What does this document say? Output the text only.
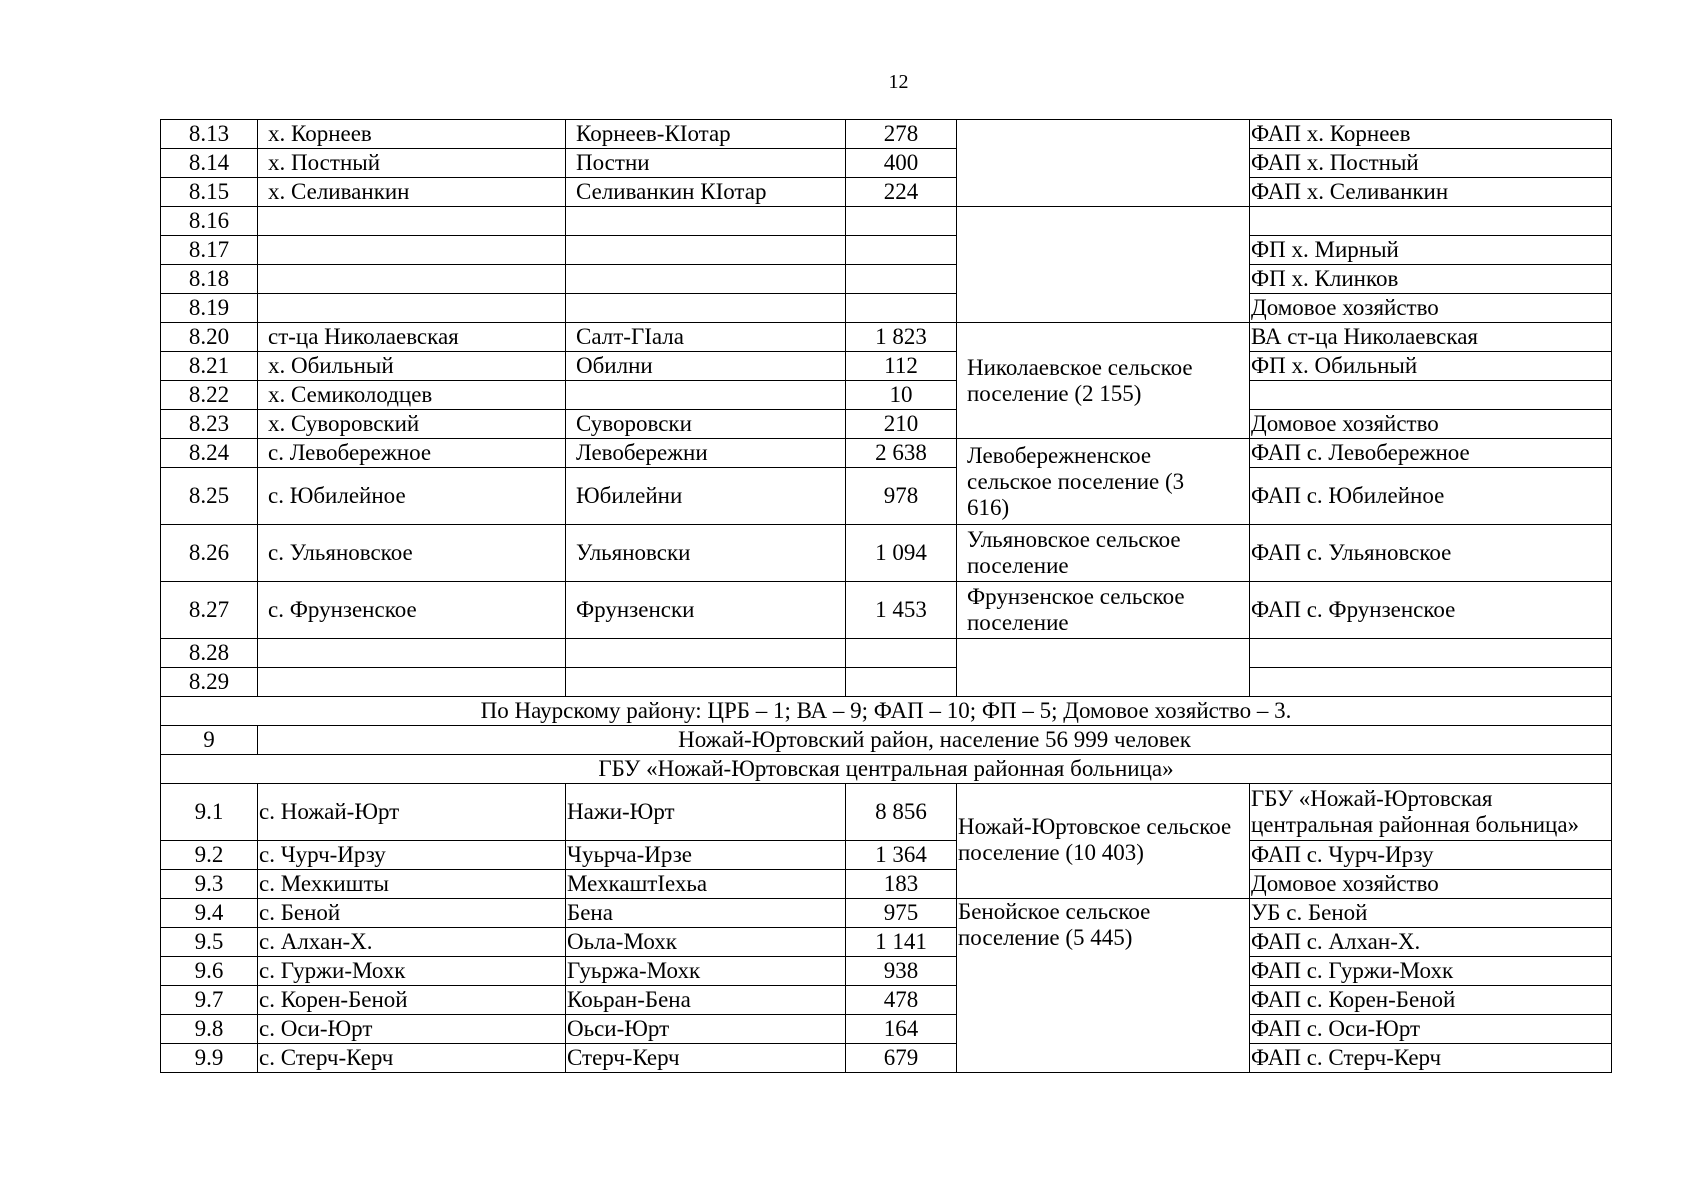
12
8.13	х. Корнеев	Корнеев-КIотар	278		ФАП х. Корнеев
8.14	х. Постный	Постни	400		ФАП х. Постный
8.15	х. Селиванкин	Селиванкин КIотар	224		ФАП х. Селиванкин
8.16					
8.17					ФП х. Мирный
8.18					ФП х. Клинков
8.19					Домовое хозяйство
8.20	ст-ца Николаевская	Салт-ГIала	1 823	Николаевское сельское поселение (2 155)	ВА ст-ца Николаевская
8.21	х. Обильный	Обилни	112		ФП х. Обильный
8.22	х. Семиколодцев		10		
8.23	х. Суворовский	Суворовски	210		Домовое хозяйство
8.24	с. Левобережное	Левобережни	2 638	Левобережненское сельское поселение (3 616)	ФАП с. Левобережное
8.25	с. Юбилейное	Юбилейни	978		ФАП с. Юбилейное
8.26	с. Ульяновское	Ульяновски	1 094	Ульяновское сельское поселение	ФАП с. Ульяновское
8.27	с. Фрунзенское	Фрунзенски	1 453	Фрунзенское сельское поселение	ФАП с. Фрунзенское
8.28					
8.29					
По Наурскому району: ЦРБ – 1; ВА – 9; ФАП – 10; ФП – 5; Домовое хозяйство – 3.					
9	Ножай-Юртовский район, население 56 999 человек				
ГБУ «Ножай-Юртовская центральная районная больница»					
9.1	с. Ножай-Юрт	Нажи-Юрт	8 856	Ножай-Юртовское сельское поселение (10 403)	ГБУ «Ножай-Юртовская центральная районная больница»
9.2	с. Чурч-Ирзу	Чуьрча-Ирзе	1 364		ФАП с. Чурч-Ирзу
9.3	с. Мехкишты	МехкаштIехьа	183		Домовое хозяйство
9.4	с. Беной	Бена	975	Бенойское сельское поселение (5 445)	УБ с. Беной
9.5	с. Алхан-Х.	Оьла-Мохк	1 141		ФАП с. Алхан-Х.
9.6	с. Гуржи-Мохк	Гуьржа-Мохк	938		ФАП с. Гуржи-Мохк
9.7	с. Корен-Беной	Коьран-Бена	478		ФАП с. Корен-Беной
9.8	с. Оси-Юрт	Оьси-Юрт	164		ФАП с. Оси-Юрт
9.9	с. Стерч-Керч	Стерч-Керч	679		ФАП с. Стерч-Керч
